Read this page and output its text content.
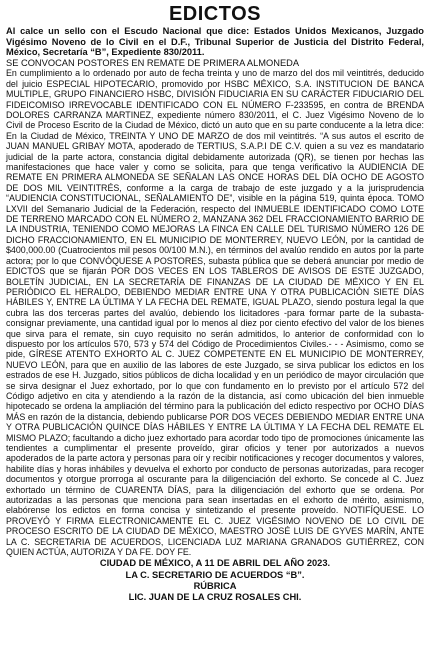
EDICTOS

Al calce un sello con el Escudo Nacional que dice: Estados Unidos Mexicanos, Juzgado Vigésimo Noveno de lo Civil en el D.F., Tribunal Superior de Justicia del Distrito Federal, México, Secretaría “B”, Expediente 830/2011.

SE CONVOCAN POSTORES EN REMATE DE PRIMERA ALMONEDA

En cumplimiento a lo ordenado por auto de fecha treinta y uno de marzo del dos mil veintitrés, deducido del juicio ESPECIAL HIPOTECARIO, promovido por HSBC MÉXICO, S.A. INSTITUCION DE BANCA MULTIPLE, GRUPO FINANCIERO HSBC, DIVISIÓN FIDUCIARIA EN SU CARÁCTER FIDUCIARIO DEL FIDEICOMISO IRREVOCABLE IDENTIFICADO CON EL NÚMERO F-233595, en contra de BRENDA DOLORES CARRANZA MARTINEZ, expediente número 830/2011, el C. Juez Vigésimo Noveno de lo Civil de Proceso Escrito de la Ciudad de México, dictó un auto que en su parte conducente a la letra dice: En la Ciudad de México, TREINTA Y UNO DE MARZO de dos mil veintitrés. “A sus autos el escrito de JUAN MANUEL GRIBAY MOTA, apoderado de TERTIUS, S.A.P.I DE C.V. quien a su vez es mandatario judicial de la parte actora, constancia digital debidamente autorizada (QR), se tienen por hechas las manifestaciones que hace valer y como se solicita, para que tenga verificativo la AUDIENCIA DE REMATE EN PRIMERA ALMONEDA SE SEÑALAN LAS ONCE HORAS DEL DÍA OCHO DE AGOSTO DE DOS MIL VEINTITRÉS, conforme a la carga de trabajo de este juzgado y a la jurisprudencia “AUDIENCIA CONSTITUCIONAL, SEÑALAMIENTO DE”, visible en la página 519, quinta época. TOMO LXVII del Semanario Judicial de la Federación, respecto del INMUEBLE IDENTIFICADO COMO LOTE DE TERRENO MARCADO CON EL NÚMERO 2, MANZANA 362 DEL FRACCIONAMIENTO BARRIO DE LA INDUSTRIA, TENIENDO COMO MEJORAS LA FINCA EN CALLE DEL TURISMO NÚMERO 126 DE DICHO FRACCIONAMIENTO, EN EL MUNICIPIO DE MONTERREY, NUEVO LEÓN, por la cantidad de $400,000.00 (Cuatrocientos mil pesos 00/100 M.N.), en términos del avalúo rendido en autos por la parte actora; por lo que CONVÓQUESE A POSTORES, subasta pública que se deberá anunciar por medio de EDICTOS que se fijarán POR DOS VECES EN LOS TABLEROS DE AVISOS DE ESTE JUZGADO, BOLETÍN JUDICIAL, EN LA SECRETARÍA DE FINANZAS DE LA CIUDAD DE MÉXICO Y EN EL PERIÓDICO EL HERALDO, DEBIENDO MEDIAR ENTRE UNA Y OTRA PUBLICACIÓN SIETE DÍAS HÁBILES Y, ENTRE LA ÚLTIMA Y LA FECHA DEL REMATE, IGUAL PLAZO, siendo postura legal la que cubra las dos terceras partes del avalúo, debiendo los licitadores -para formar parte de la subasta- consignar previamente, una cantidad igual por lo menos al diez por ciento efectivo del valor de los bienes que sirva para el remate, sin cuyo requisito no serán admitidos, lo anterior de conformidad con lo dispuesto por los artículos 570, 573 y 574 del Código de Procedimientos Civiles.- - - Asimismo, como se pide, GÍRESE ATENTO EXHORTO AL C. JUEZ COMPETENTE EN EL MUNICIPIO DE MONTERREY, NUEVO LEÓN, para que en auxilio de las labores de este Juzgado, se sirva publicar los edictos en los estrados de ese H. Juzgado, sitios públicos de dicha localidad y en un periódico de mayor circulación que se sirva designar el Juez exhortado, por lo que con fundamento en lo previsto por el artículo 572 del Código adjetivo en cita y atendiendo a la razón de la distancia, así como ubicación del bien inmueble hipotecado se ordena la ampliación del término para la publicación del edicto respectivo por OCHO DÍAS MÁS en razón de la distancia, debiendo publicarse POR DOS VECES DEBIENDO MEDIAR ENTRE UNA Y OTRA PUBLICACIÓN QUINCE DÍAS HÁBILES Y ENTRE LA ÚLTIMA Y LA FECHA DEL REMATE EL MISMO PLAZO; facultando a dicho juez exhortado para acordar todo tipo de promociones únicamente las tendientes a cumplimentar el presente proveído, girar oficios y tener por autorizados a nuevos apoderados de la parte actora y personas para oír y recibir notificaciones y recoger documentos y valores, habilite días y horas inhábiles y devuelva el exhorto por conducto de personas autorizadas, para recoger documentos y otorgue prorroga al oscurante para la diligenciación del exhorto. Se concede al C. Juez exhortado un término de CUARENTA DÍAS, para la diligenciación del exhorto que se ordena. Por autorizadas a las personas que menciona para sean insertadas en el exhorto de mérito, asimismo, elabórense los edictos en forma concisa y sintetizando el presente proveído. NOTIFÍQUESE. LO PROVEYÓ Y FIRMA ELECTRONICAMENTE EL C. JUEZ VIGÉSIMO NOVENO DE LO CIVIL DE PROCESO ESCRITO DE LA CIUDAD DE MÉXICO, MAESTRO JOSÉ LUIS DE GYVES MARÍN, ANTE LA C. SECRETARIA DE ACUERDOS, LICENCIADA LUZ MARIANA GRANADOS GUTIÉRREZ, CON QUIEN ACTÚA, AUTORIZA Y DA FE. DOY FE.

CIUDAD DE MÉXICO, A 11 DE ABRIL DEL AÑO 2023.
LA C. SECRETARIO DE ACUERDOS “B”.
RÚBRICA
LIC. JUAN DE LA CRUZ ROSALES CHI.
